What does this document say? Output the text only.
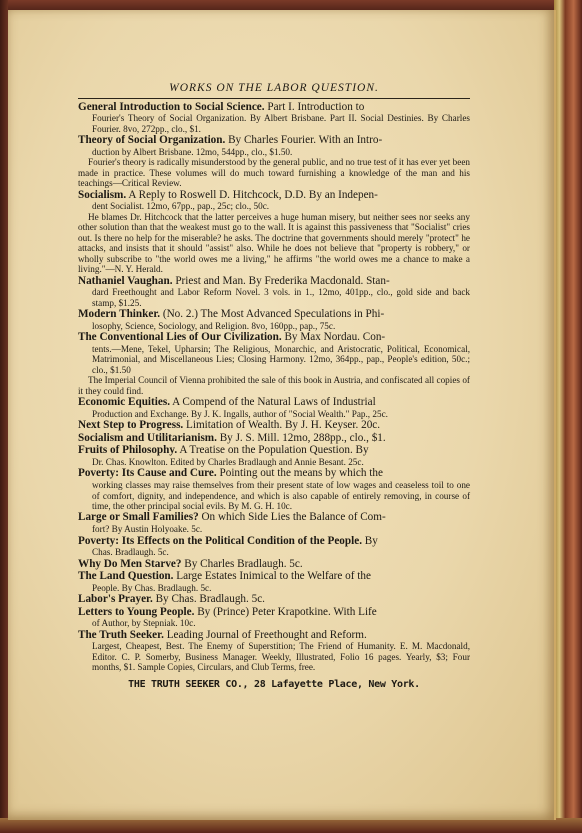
WORKS ON THE LABOR QUESTION.

General Introduction to Social Science. Part I. Introduction to

Fourier's Theory of Social Organization. By Albert Brisbane. Part II. Social Destinies. By Charles Fourier. 8vo, 272pp., clo., $1.

Theory of Social Organization. By Charles Fourier. With an Intro-

duction by Albert Brisbane. 12mo, 544pp., clo., $1.50.

Fourier's theory is radically misunderstood by the general public, and no true test of it has ever yet been made in practice. These volumes will do much toward furnishing a knowledge of the man and his teachings—Critical Review.

Socialism. A Reply to Roswell D. Hitchcock, D.D. By an Indepen-

dent Socialist. 12mo, 67pp., pap., 25c; clo., 50c.

He blames Dr. Hitchcock that the latter perceives a huge human misery, but neither sees nor seeks any other solution than that the weakest must go to the wall. It is against this passiveness that "Socialist" cries out. Is there no help for the miserable? he asks. The doctrine that governments should merely "protect" he attacks, and insists that it should "assist" also. While he does not believe that "property is robbery," or wholly subscribe to "the world owes me a living," he affirms "the world owes me a chance to make a living."—N. Y. Herald.

Nathaniel Vaughan. Priest and Man. By Frederika Macdonald. Stan-

dard Freethought and Labor Reform Novel. 3 vols. in 1., 12mo, 401pp., clo., gold side and back stamp, $1.25.

Modern Thinker. (No. 2.) The Most Advanced Speculations in Phi-

losophy, Science, Sociology, and Religion. 8vo, 160pp., pap., 75c.

The Conventional Lies of Our Civilization. By Max Nordau. Con-

tents.—Mene, Tekel, Upharsin; The Religious, Monarchic, and Aristocratic, Political, Economical, Matrimonial, and Miscellaneous Lies; Closing Harmony. 12mo, 364pp., pap., People's edition, 50c.; clo., $1.50

The Imperial Council of Vienna prohibited the sale of this book in Austria, and confiscated all copies of it they could find.

Economic Equities. A Compend of the Natural Laws of Industrial

Production and Exchange. By J. K. Ingalls, author of "Social Wealth." Pap., 25c.

Next Step to Progress. Limitation of Wealth. By J. H. Keyser. 20c.

Socialism and Utilitarianism. By J. S. Mill. 12mo, 288pp., clo., $1.

Fruits of Philosophy. A Treatise on the Population Question. By

Dr. Chas. Knowlton. Edited by Charles Bradlaugh and Annie Besant. 25c.

Poverty: Its Cause and Cure. Pointing out the means by which the

working classes may raise themselves from their present state of low wages and ceaseless toil to one of comfort, dignity, and independence, and which is also capable of entirely removing, in course of time, the other principal social evils. By M. G. H. 10c.

Large or Small Families? On which Side Lies the Balance of Com-

fort? By Austin Holyoake. 5c.

Poverty: Its Effects on the Political Condition of the People. By

Chas. Bradlaugh. 5c.

Why Do Men Starve? By Charles Bradlaugh. 5c.

The Land Question. Large Estates Inimical to the Welfare of the

People. By Chas. Bradlaugh. 5c.

Labor's Prayer. By Chas. Bradlaugh. 5c.

Letters to Young People. By (Prince) Peter Krapotkine. With Life

of Author, by Stepniak. 10c.

The Truth Seeker. Leading Journal of Freethought and Reform.

Largest, Cheapest, Best. The Enemy of Superstition; The Friend of Humanity. E. M. Macdonald, Editor. C. P. Somerby, Business Manager. Weekly, Illustrated, Folio 16 pages. Yearly, $3; Four months, $1. Sample Copies, Circulars, and Club Terms, free.

THE TRUTH SEEKER CO., 28 Lafayette Place, New York.
